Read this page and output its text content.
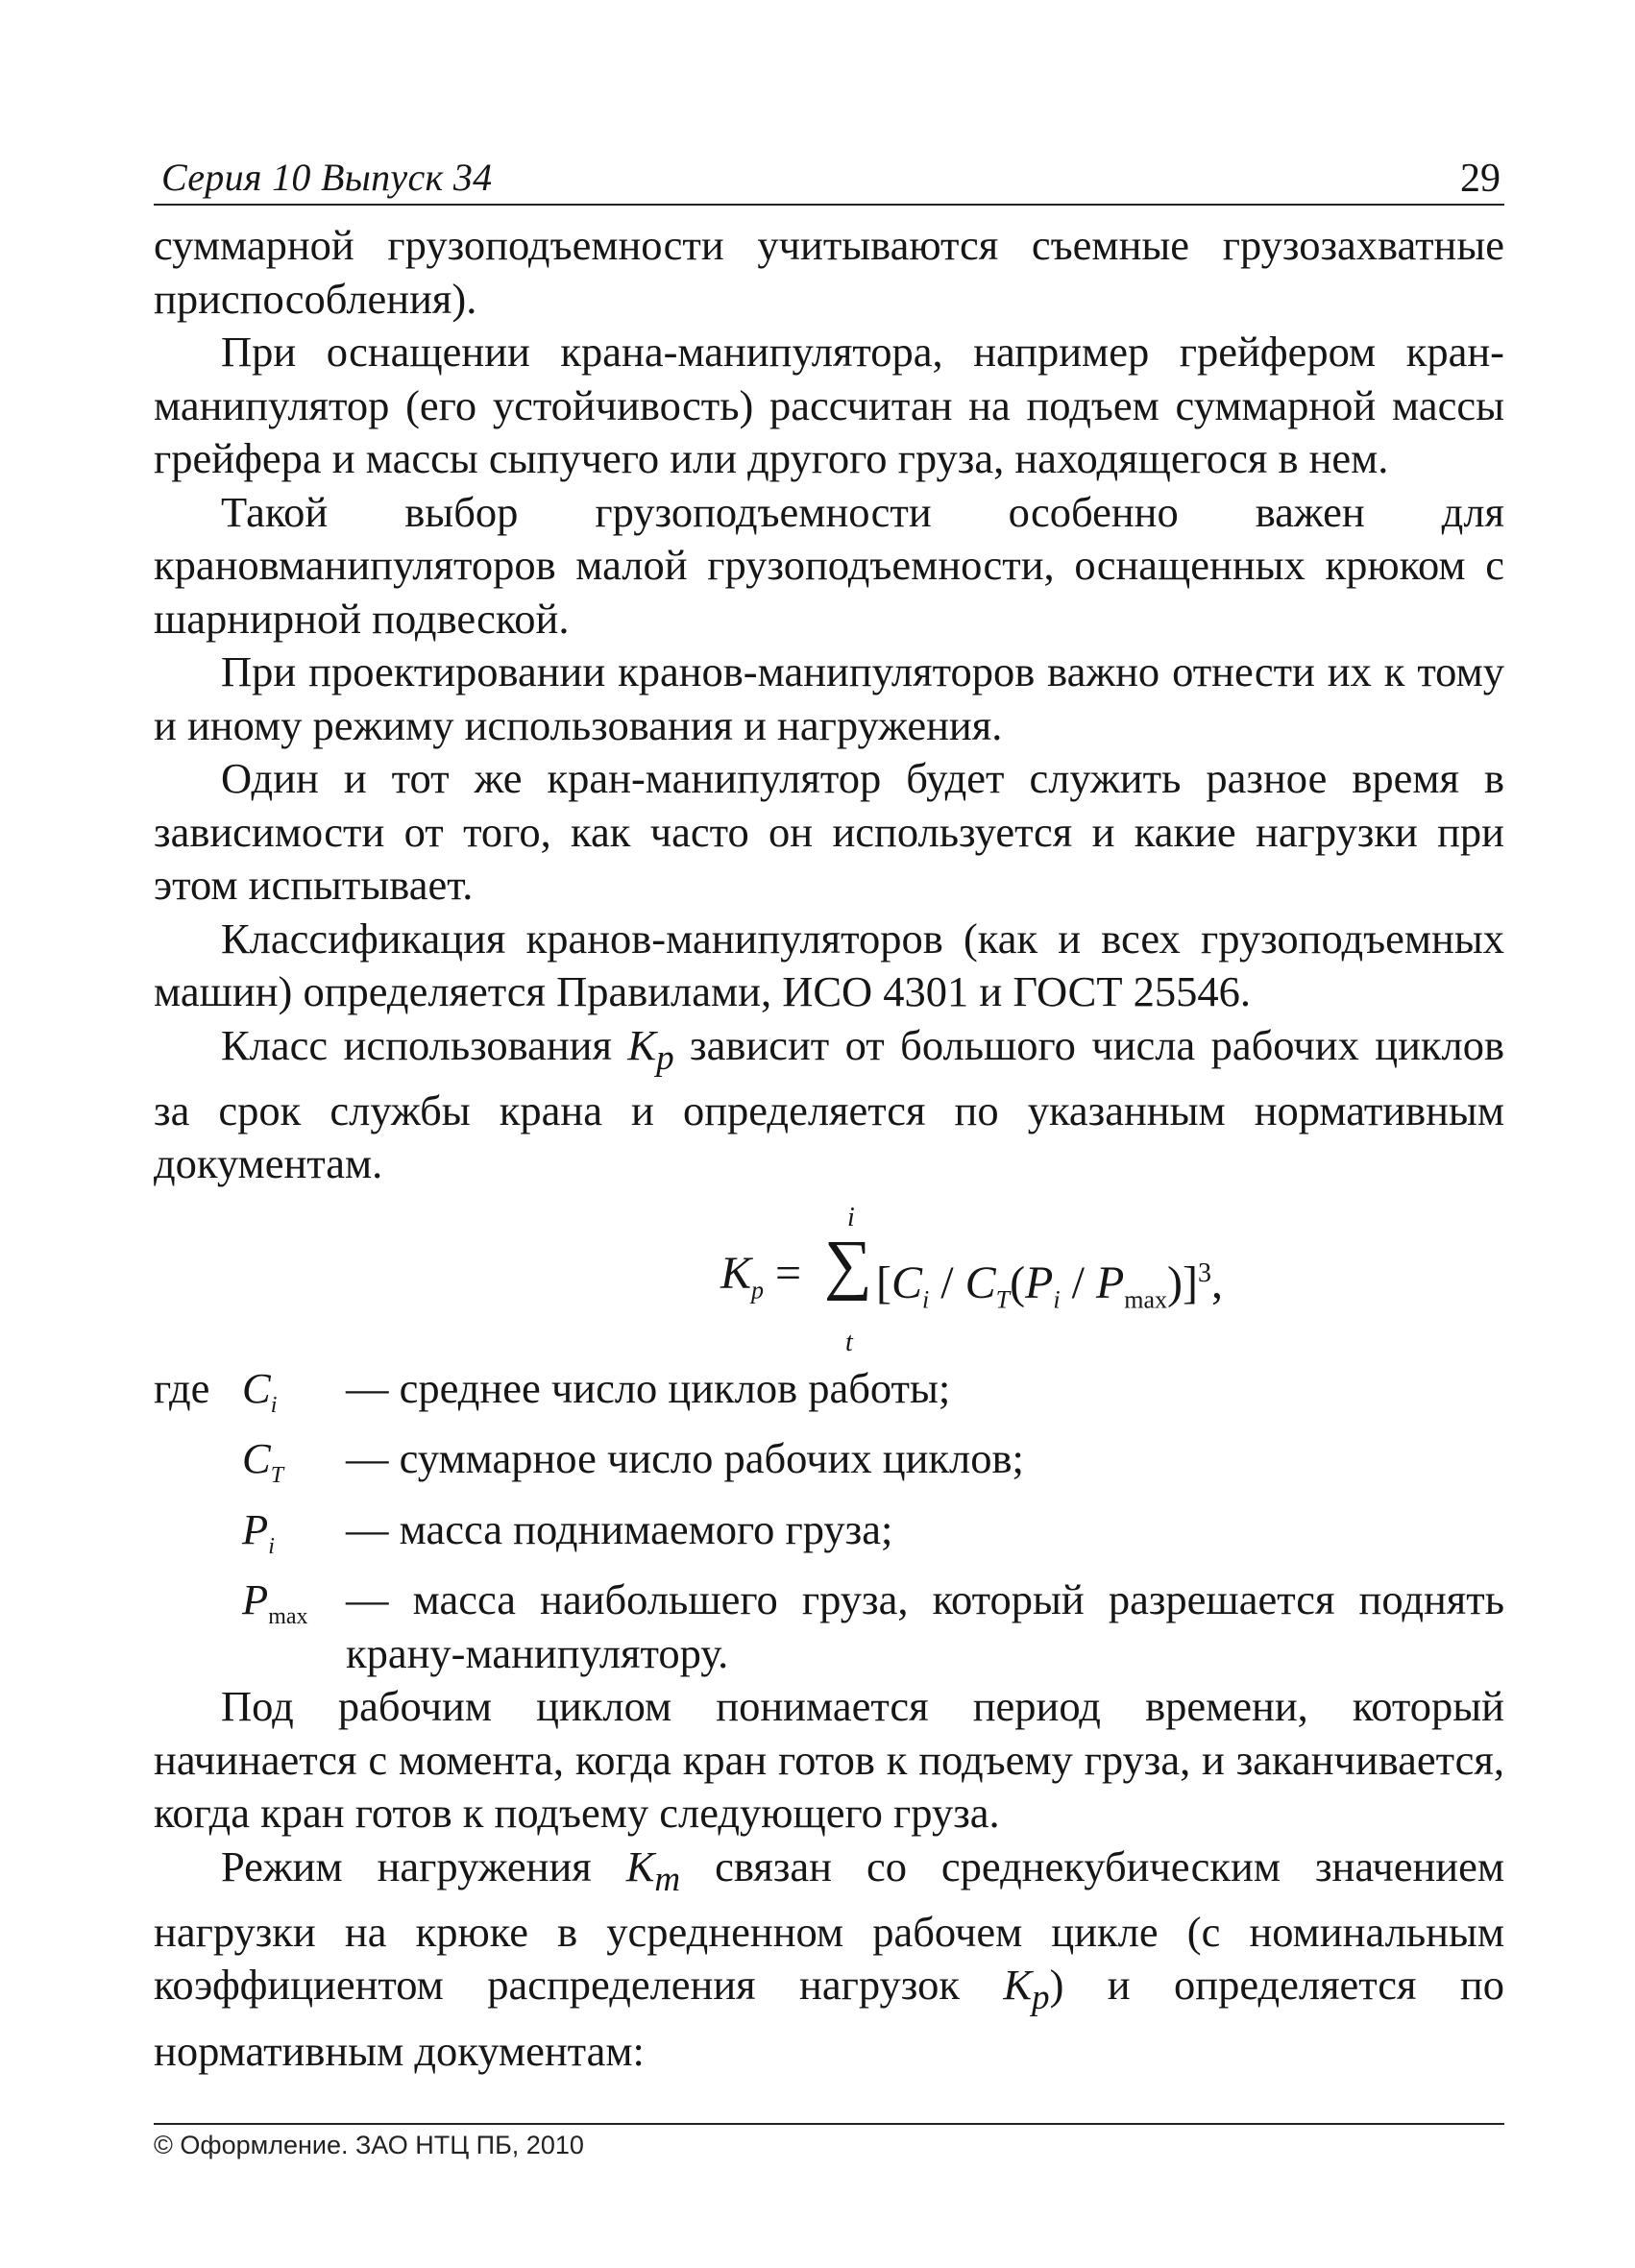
Серия 10 Выпуск 34	29

суммарной грузоподъемности учитываются съемные грузозахватные приспособления).

При оснащении крана-манипулятора, например грейфером кран-манипулятор (его устойчивость) рассчитан на подъем суммарной массы грейфера и массы сыпучего или другого груза, находящегося в нем.

Такой выбор грузоподъемности особенно важен для крановманипуляторов малой грузоподъемности, оснащенных крюком с шарнирной подвеской.

При проектировании кранов-манипуляторов важно отнести их к тому и иному режиму использования и нагружения.

Один и тот же кран-манипулятор будет служить разное время в зависимости от того, как часто он используется и какие нагрузки при этом испытывает.

Классификация кранов-манипуляторов (как и всех грузоподъемных машин) определяется Правилами, ИСО 4301 и ГОСТ 25546.

Класс использования $K_p$ зависит от большого числа рабочих циклов за срок службы крана и определяется по указанным нормативным документам.

$K_p$ =
i
∑
t
$[C_i / C_T(P_i / P_{max})]^3$,
где $C_i$	— среднее число циклов работы;
$C_T$	— суммарное число рабочих циклов;
$P_i$	— масса поднимаемого груза;
$P_{max}$ — масса наибольшего груза, который разрешается поднять крану-манипулятору.

Под рабочим циклом понимается период времени, который начинается с момента, когда кран готов к подъему груза, и заканчивается, когда кран готов к подъему следующего груза.

Режим нагружения $K_m$ связан со среднекубическим значением нагрузки на крюке в усредненном рабочем цикле (с номинальным коэффициентом распределения нагрузок $K_p$) и определяется по нормативным документам:

© Оформление. ЗАО НТЦ ПБ, 2010
